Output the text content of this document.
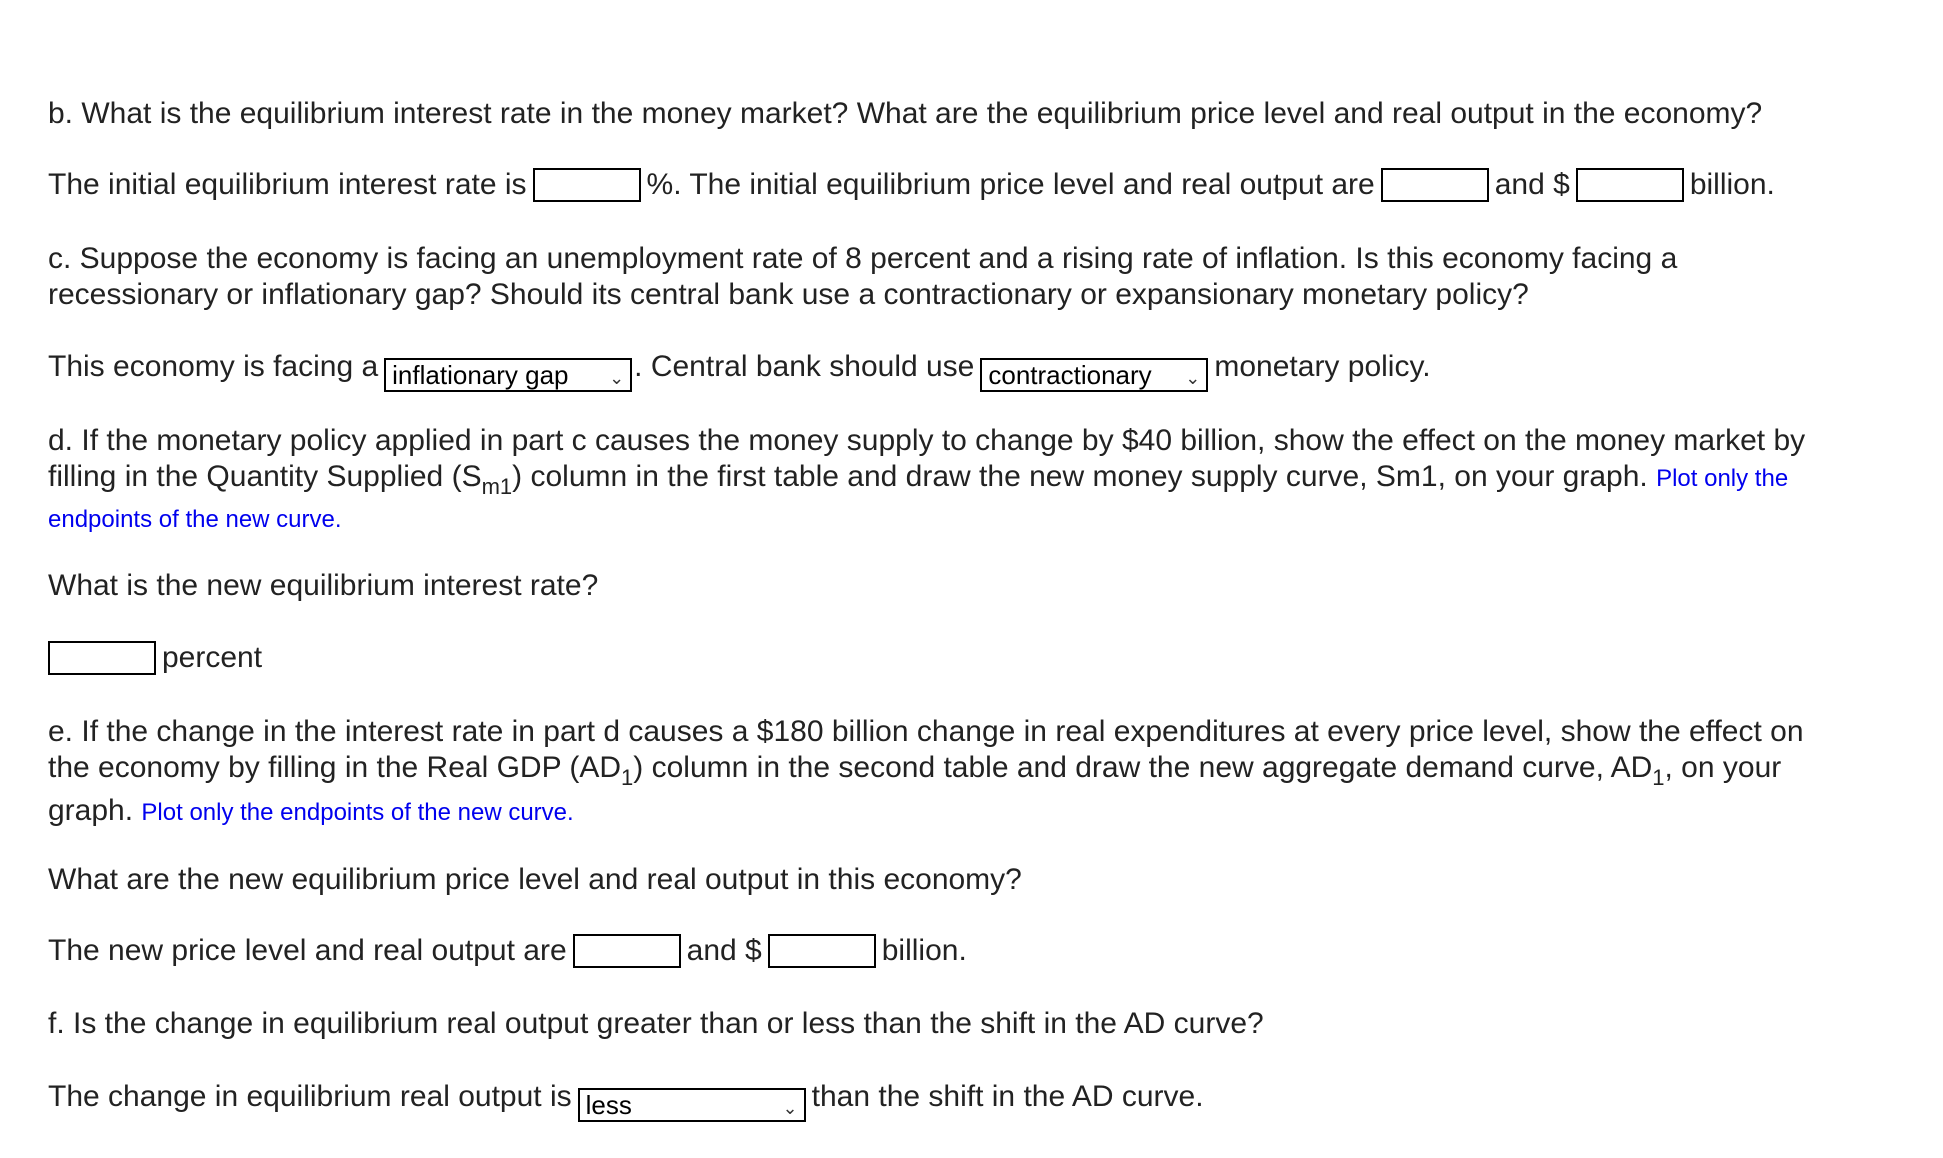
b. What is the equilibrium interest rate in the money market? What are the equilibrium price level and real output in the economy?
The initial equilibrium interest rate is	%. The initial equilibrium price level and real output are	and $	billion.
c. Suppose the economy is facing an unemployment rate of 8 percent and a rising rate of inflation. Is this economy facing a
recessionary or inflationary gap? Should its central bank use a contractionary or expansionary monetary policy?
This economy is facing a inflationary gap ⌄ . Central bank should use contractionary ⌄ monetary policy.
d. If the monetary policy applied in part c causes the money supply to change by $40 billion, show the effect on the money market by
filling in the Quantity Supplied $(S_{m1})$ column in the first table and draw the new money supply curve, Sm1, on your graph. Plot only the
endpoints of the new curve.
What is the new equilibrium interest rate?
percent
e. If the change in the interest rate in part d causes a $180 billion change in real expenditures at every price level, show the effect on
the economy by filling in the Real GDP $(AD_1)$ column in the second table and draw the new aggregate demand curve, $AD_1$, on your
graph. Plot only the endpoints of the new curve.
What are the new equilibrium price level and real output in this economy?
The new price level and real output are	and $	billion.
f. Is the change in equilibrium real output greater than or less than the shift in the AD curve?
The change in equilibrium real output is less	⌄ than the shift in the AD curve.
